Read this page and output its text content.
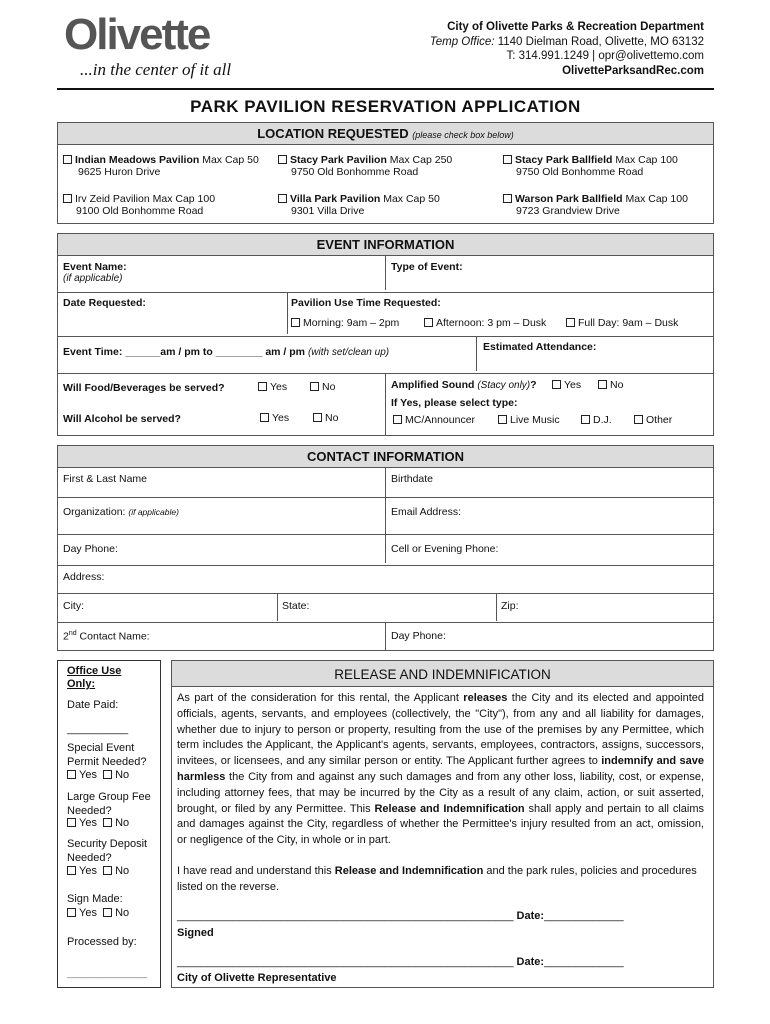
Olivette
...in the center of it all
City of Olivette Parks & Recreation Department
Temp Office: 1140 Dielman Road, Olivette, MO 63132
T: 314.991.1249 | opr@olivettemo.com
OlivetteParksandRec.com
PARK PAVILION RESERVATION APPLICATION
LOCATION REQUESTED (please check box below)
Indian Meadows Pavilion Max Cap 50
9625 Huron Drive
Stacy Park Pavilion Max Cap 250
9750 Old Bonhomme Road
Stacy Park Ballfield Max Cap 100
9750 Old Bonhomme Road
Irv Zeid Pavilion Max Cap 100
9100 Old Bonhomme Road
Villa Park Pavilion Max Cap 50
9301 Villa Drive
Warson Park Ballfield Max Cap 100
9723 Grandview Drive
EVENT INFORMATION
Event Name:
(if applicable)
Type of Event:
Date Requested:	Pavilion Use Time Requested:
Morning: 9am – 2pm	Afternoon: 3 pm – Dusk	Full Day: 9am – Dusk
Event Time: ______am / pm to ________ am / pm (with set/clean up)	Estimated Attendance:
Will Food/Beverages be served?	Yes	No
Will Alcohol be served?	Yes	No
Amplified Sound (Stacy only)?	Yes	No
If Yes, please select type:
MC/Announcer	Live Music	D.J.	Other
CONTACT INFORMATION
First & Last Name	Birthdate
Organization: (if applicable)	Email Address:
Day Phone:	Cell or Evening Phone:
Address:
City:	State:	Zip:
2nd Contact Name:	Day Phone:
Office Use Only:
Date Paid:
__________
Special Event Permit Needed?
Yes No
Large Group Fee Needed?
Yes No
Security Deposit Needed?
Yes No
Sign Made:
Yes No
Processed by:
________________
RELEASE AND INDEMNIFICATION
As part of the consideration for this rental, the Applicant releases the City and its elected and appointed officials, agents, servants, and employees (collectively, the "City"), from any and all liability for damages, whether due to injury to person or property, resulting from the use of the premises by any Permittee, which term includes the Applicant, the Applicant's agents, servants, employees, contractors, assigns, successors, invitees, or licensees, and any similar person or entity. The Applicant further agrees to indemnify and save harmless the City from and against any such damages and from any other loss, liability, cost, or expense, including attorney fees, that may be incurred by the City as a result of any claim, action, or suit asserted, brought, or filed by any Permittee. This Release and Indemnification shall apply and pertain to all claims and damages against the City, regardless of whether the Permittee's injury resulted from an act, omission, or negligence of the City, in whole or in part.
I have read and understand this Release and Indemnification and the park rules, policies and procedures listed on the reverse.
_______________________________________________________ Date:_____________
Signed
_______________________________________________________ Date:_____________
City of Olivette Representative
